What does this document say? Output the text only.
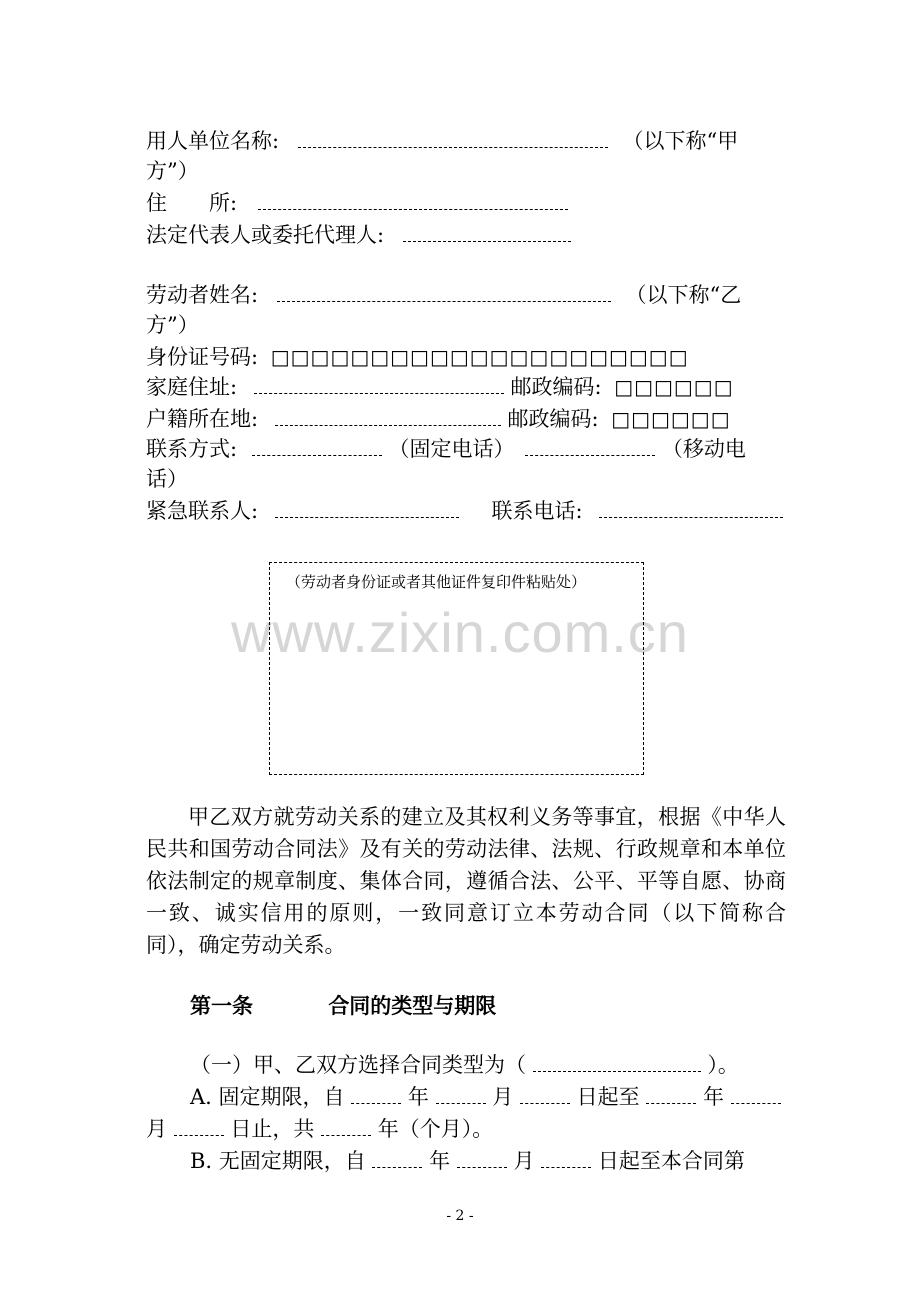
www.zixin.com.cn
用人单位名称:	（以下称“甲
方”）
住　　所:
法定代表人或委托代理人:
劳动者姓名:	（以下称“乙
方”）
身份证号码: □□□□□□□□□□□□□□□□□□□□□
家庭住址:	邮政编码: □□□□□□
户籍所在地:	邮政编码: □□□□□□
联系方式:	（固定电话）	（移动电
话）
紧急联系人:	联系电话:
（劳动者身份证或者其他证件复印件粘贴处）
甲乙双方就劳动关系的建立及其权利义务等事宜，根据《中华人民共和国劳动合同法》及有关的劳动法律、法规、行政规章和本单位依法制定的规章制度、集体合同，遵循合法、公平、平等自愿、协商一致、诚实信用的原则，一致同意订立本劳动合同（以下简称合同），确定劳动关系。
第一条	合同的类型与期限
（一）甲、乙双方选择合同类型为（	）。
A. 固定期限，自	年	月	日起至	年
月	日止，共	年（个月）。
B. 无固定期限，自	年	月	日起至本合同第
- 2 -
